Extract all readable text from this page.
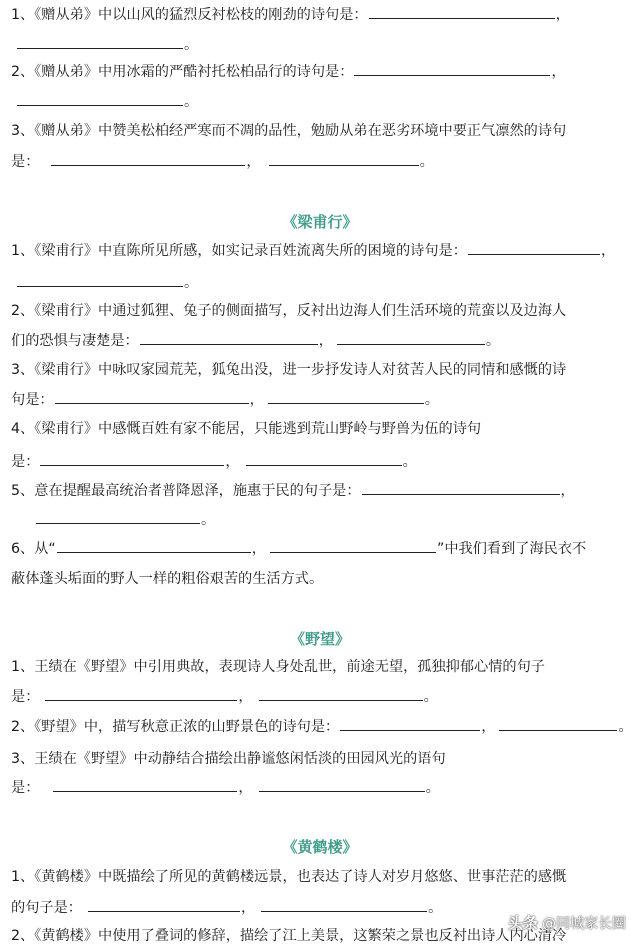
1、《赠从弟》中以山风的猛烈反衬松枝的刚劲的诗句是：	，
。
2、《赠从弟》中用冰霜的严酷衬托松柏品行的诗句是：	，
。
3、《赠从弟》中赞美松柏经严寒而不凋的品性，勉励从弟在恶劣环境中要正气凛然的诗句
是：	，	。
《梁甫行》
1、《梁甫行》中直陈所见所感，如实记录百姓流离失所的困境的诗句是：	，
。
2、《梁甫行》中通过狐狸、兔子的侧面描写，反衬出边海人们生活环境的荒蛮以及边海人
们的恐惧与凄楚是：	，	。
3、《梁甫行》中咏叹家园荒芜，狐兔出没，进一步抒发诗人对贫苦人民的同情和感慨的诗
句是：	，	。
4、《梁甫行》中感慨百姓有家不能居，只能逃到荒山野岭与野兽为伍的诗句
是：	，	。
5、意在提醒最高统治者普降恩泽，施惠于民的句子是：	，
。
6、从“	，	”中我们看到了海民衣不
蔽体蓬头垢面的野人一样的粗俗艰苦的生活方式。
《野望》
1、王绩在《野望》中引用典故，表现诗人身处乱世，前途无望，孤独抑郁心情的句子
是：	，	。
2、《野望》中，描写秋意正浓的山野景色的诗句是：	，	。
3、王绩在《野望》中动静结合描绘出静谧悠闲恬淡的田园风光的语句
是：	，	。
《黄鹤楼》
1、《黄鹤楼》中既描绘了所见的黄鹤楼远景，也表达了诗人对岁月悠悠、世事茫茫的感慨
的句子是：	，	。
2、《黄鹤楼》中使用了叠词的修辞，描绘了江上美景，这繁荣之景也反衬出诗人内心清冷
头条 @同城家长圈
